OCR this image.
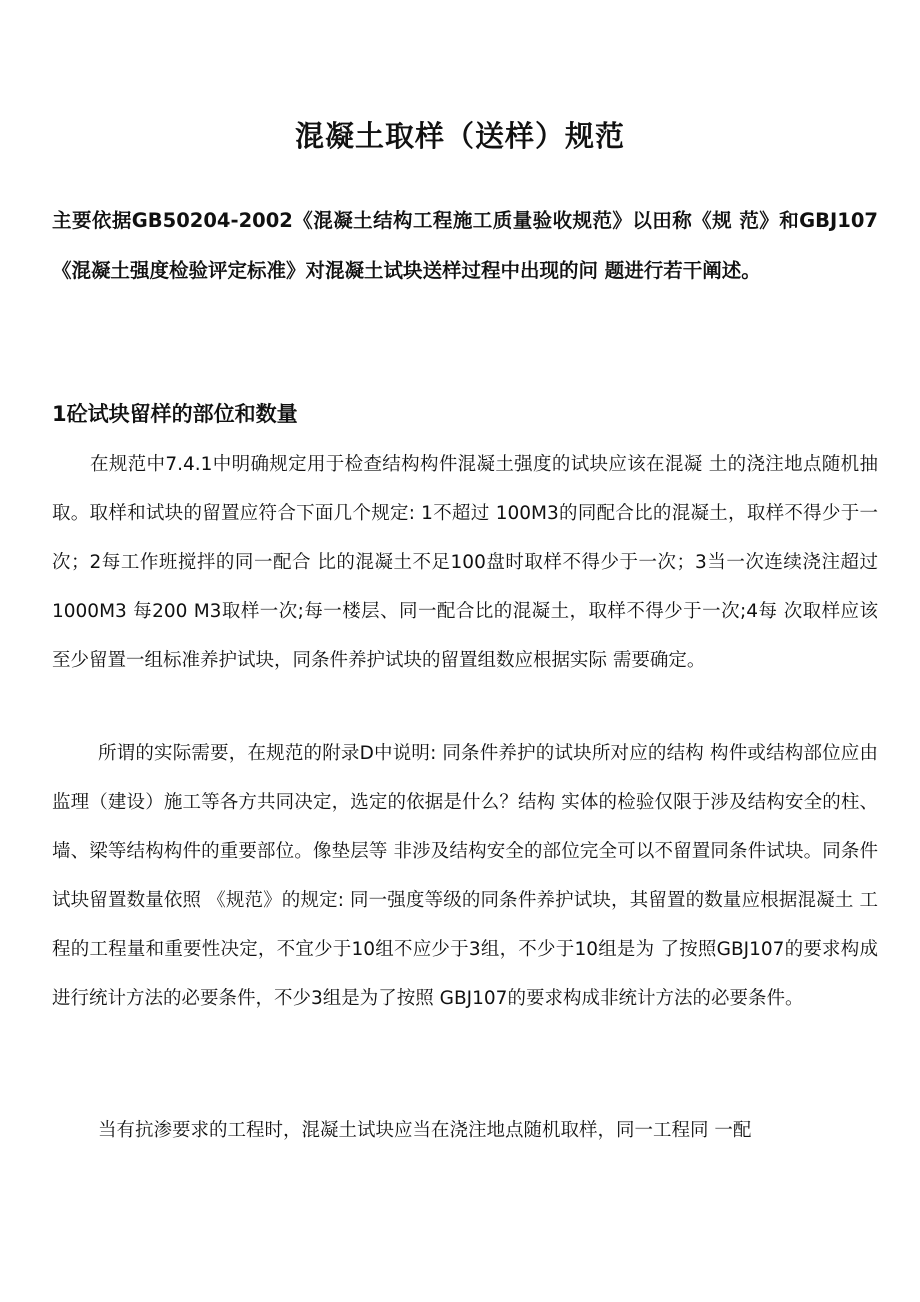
混凝土取样（送样）规范

主要依据GB50204-2002《混凝土结构工程施工质量验收规范》以田称《规 范》和GBJ107《混凝土强度检验评定标准》对混凝土试块送样过程中出现的问 题进行若干阐述。

1砼试块留样的部位和数量

在规范中7.4.1中明确规定用于检查结构构件混凝土强度的试块应该在混凝 土的浇注地点随机抽取。取样和试块的留置应符合下面几个规定: 1不超过 100M3的同配合比的混凝土，取样不得少于一次；2每工作班搅拌的同一配合 比的混凝土不足100盘时取样不得少于一次；3当一次连续浇注超过1000M3 每200 M3取样一次;每一楼层、同一配合比的混凝土，取样不得少于一次;4每 次取样应该至少留置一组标准养护试块，同条件养护试块的留置组数应根据实际 需要确定。

所谓的实际需要，在规范的附录D中说明: 同条件养护的试块所对应的结构 构件或结构部位应由监理（建设）施工等各方共同决定，选定的依据是什么？结构 实体的检验仅限于涉及结构安全的柱、墙、梁等结构构件的重要部位。像垫层等 非涉及结构安全的部位完全可以不留置同条件试块。同条件试块留置数量依照 《规范》的规定: 同一强度等级的同条件养护试块，其留置的数量应根据混凝土 工程的工程量和重要性决定，不宜少于10组不应少于3组，不少于10组是为 了按照GBJ107的要求构成进行统计方法的必要条件，不少3组是为了按照 GBJ107的要求构成非统计方法的必要条件。

当有抗渗要求的工程时，混凝土试块应当在浇注地点随机取样，同一工程同 一配
